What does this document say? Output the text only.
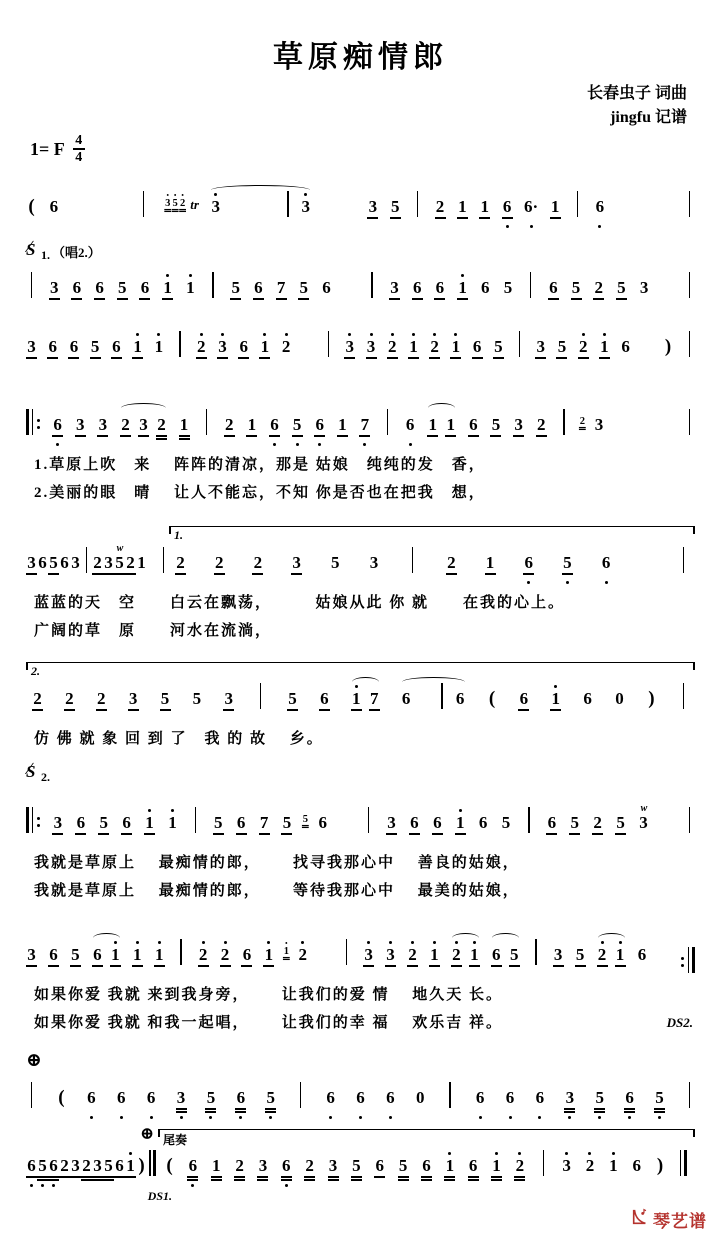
草原痴情郎
长春虫子 词曲
jingfu 记谱
1= F 4
4
( 6	3 5 2 tr 3	3	3 5 2 1 1 6 6· 1 6
S ∕ 1. （唱2.）
3 6 6 5 6 1 1 5 6 7 5 6	3 6 6 1 6 5 6 5 2 5 3
3 6 6 5 6 1 1 2 3 6 1 2	3 3 2 1 2 1 6 5 3 5 2 1 6 )
6 3 3 2 3 2 1 2 1 6 5 6 1 7 6 1 1 6 5 3 2 2 3
1.草原上吹　来　 阵阵的清凉，那是 姑娘　纯纯的发　香，
2.美丽的眼　晴　 让人不能忘，不知 你是否也在把我　想，
3 6 5 6 3 2 3
w
5 2 1
1.
2 2 2 3 5 3	2 1 6 5 6
蓝蓝的天　空　　白云在飘荡，　　　姑娘从此 你 就　　在我的心上。
广阔的草　原　　河水在流淌，
2.
2 2 2 3 5 5 3	5 6 1 7 6	6 ( 6 1 6 0 )
仿 佛 就 象 回 到 了　我 的 故　 乡。
S ∕ 2.
3 6 5 6 1 1 5 6 7 5 5 6	3 6 6 1 6 5 6 5 2 5
w
3
我就是草原上　 最痴情的郎，　　 找寻我那心中　 善良的姑娘，
我就是草原上　 最痴情的郎，　　 等待我那心中　 最美的姑娘，
3 6 5 6 1 1 1 2 2 6 1 1 2	3 3 2 1 2 1 6 5 3 5 2 1 6
如果你爱 我就 来到我身旁，　　 让我们的爱 情　 地久天 长。
如果你爱 我就 和我一起唱，　　 让我们的幸 福　 欢乐吉 祥。	DS2.
⊕
( 6 6 6 3 5 6 5	6 6 6 0	6 6 6 3 5 6 5
6 5 6 2 3 2 3 5 6 1 )
DS1.
尾奏
⊕
( 6 1 2 3 6 2 3 5 6 5 6 1 6 1 2 3 2 1 6 )
琴艺谱
